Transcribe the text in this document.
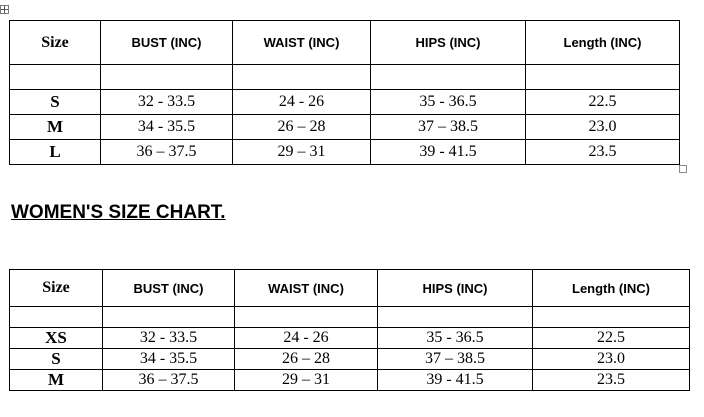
Size	BUST (INC)	WAIST (INC)	HIPS (INC)	Length (INC)

S	32 - 33.5	24 - 26	35 - 36.5	22.5
M	34 - 35.5	26 – 28	37 – 38.5	23.0
L	36 – 37.5	29 – 31	39 - 41.5	23.5
WOMEN'S SIZE CHART.
Size	BUST (INC)	WAIST (INC)	HIPS (INC)	Length (INC)

XS	32 - 33.5	24 - 26	35 - 36.5	22.5
S	34 - 35.5	26 – 28	37 – 38.5	23.0
M	36 – 37.5	29 – 31	39 - 41.5	23.5
